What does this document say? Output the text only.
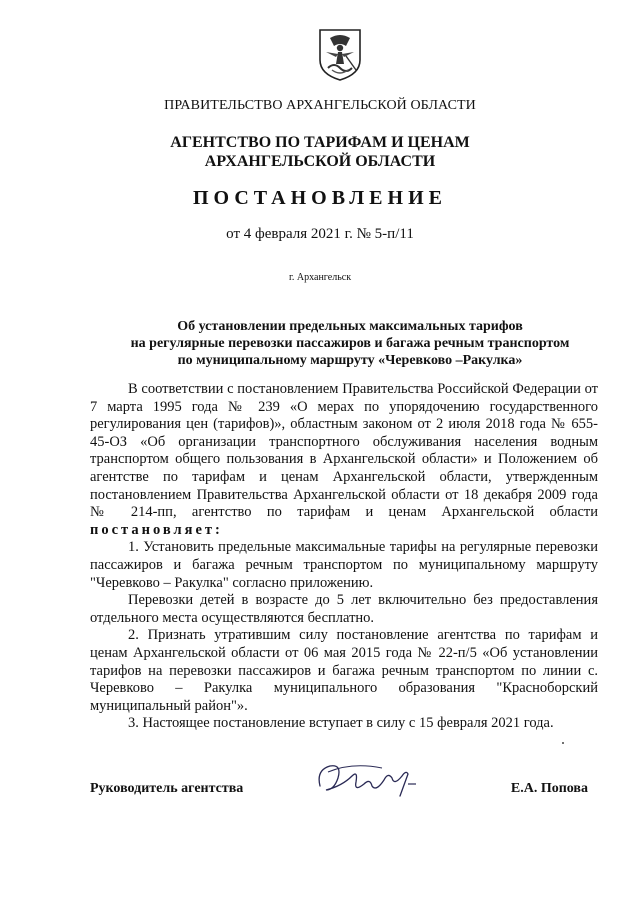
ПРАВИТЕЛЬСТВО АРХАНГЕЛЬСКОЙ ОБЛАСТИ
АГЕНТСТВО ПО ТАРИФАМ И ЦЕНАМ
АРХАНГЕЛЬСКОЙ ОБЛАСТИ
ПОСТАНОВЛЕНИЕ
от 4 февраля 2021 г. № 5-п/11
г. Архангельск
Об установлении предельных максимальных тарифов
на регулярные перевозки пассажиров и багажа речным транспортом
по муниципальному маршруту «Черевково –Ракулка»

В соответствии с постановлением Правительства Российской Федерации от 7 марта 1995 года № 239 «О мерах по упорядочению государственного регулирования цен (тарифов)», областным законом от 2 июля 2018 года № 655-45-ОЗ «Об организации транспортного обслуживания населения водным транспортом общего пользования в Архангельской области» и Положением об агентстве по тарифам и ценам Архангельской области, утвержденным постановлением Правительства Архангельской области от 18 декабря 2009 года № 214-пп, агентство по тарифам и ценам Архангельской области постановляет:

1. Установить предельные максимальные тарифы на регулярные перевозки пассажиров и багажа речным транспортом по муниципальному маршруту "Черевково – Ракулка" согласно приложению.

Перевозки детей в возрасте до 5 лет включительно без предоставления отдельного места осуществляются бесплатно.

2. Признать утратившим силу постановление агентства по тарифам и ценам Архангельской области от 06 мая 2015 года № 22-п/5 «Об установлении тарифов на перевозки пассажиров и багажа речным транспортом по линии с. Черевково – Ракулка муниципального образования "Красноборский муниципальный район"».

3. Настоящее постановление вступает в силу с 15 февраля 2021 года.

Руководитель агентства	Е.А. Попова
